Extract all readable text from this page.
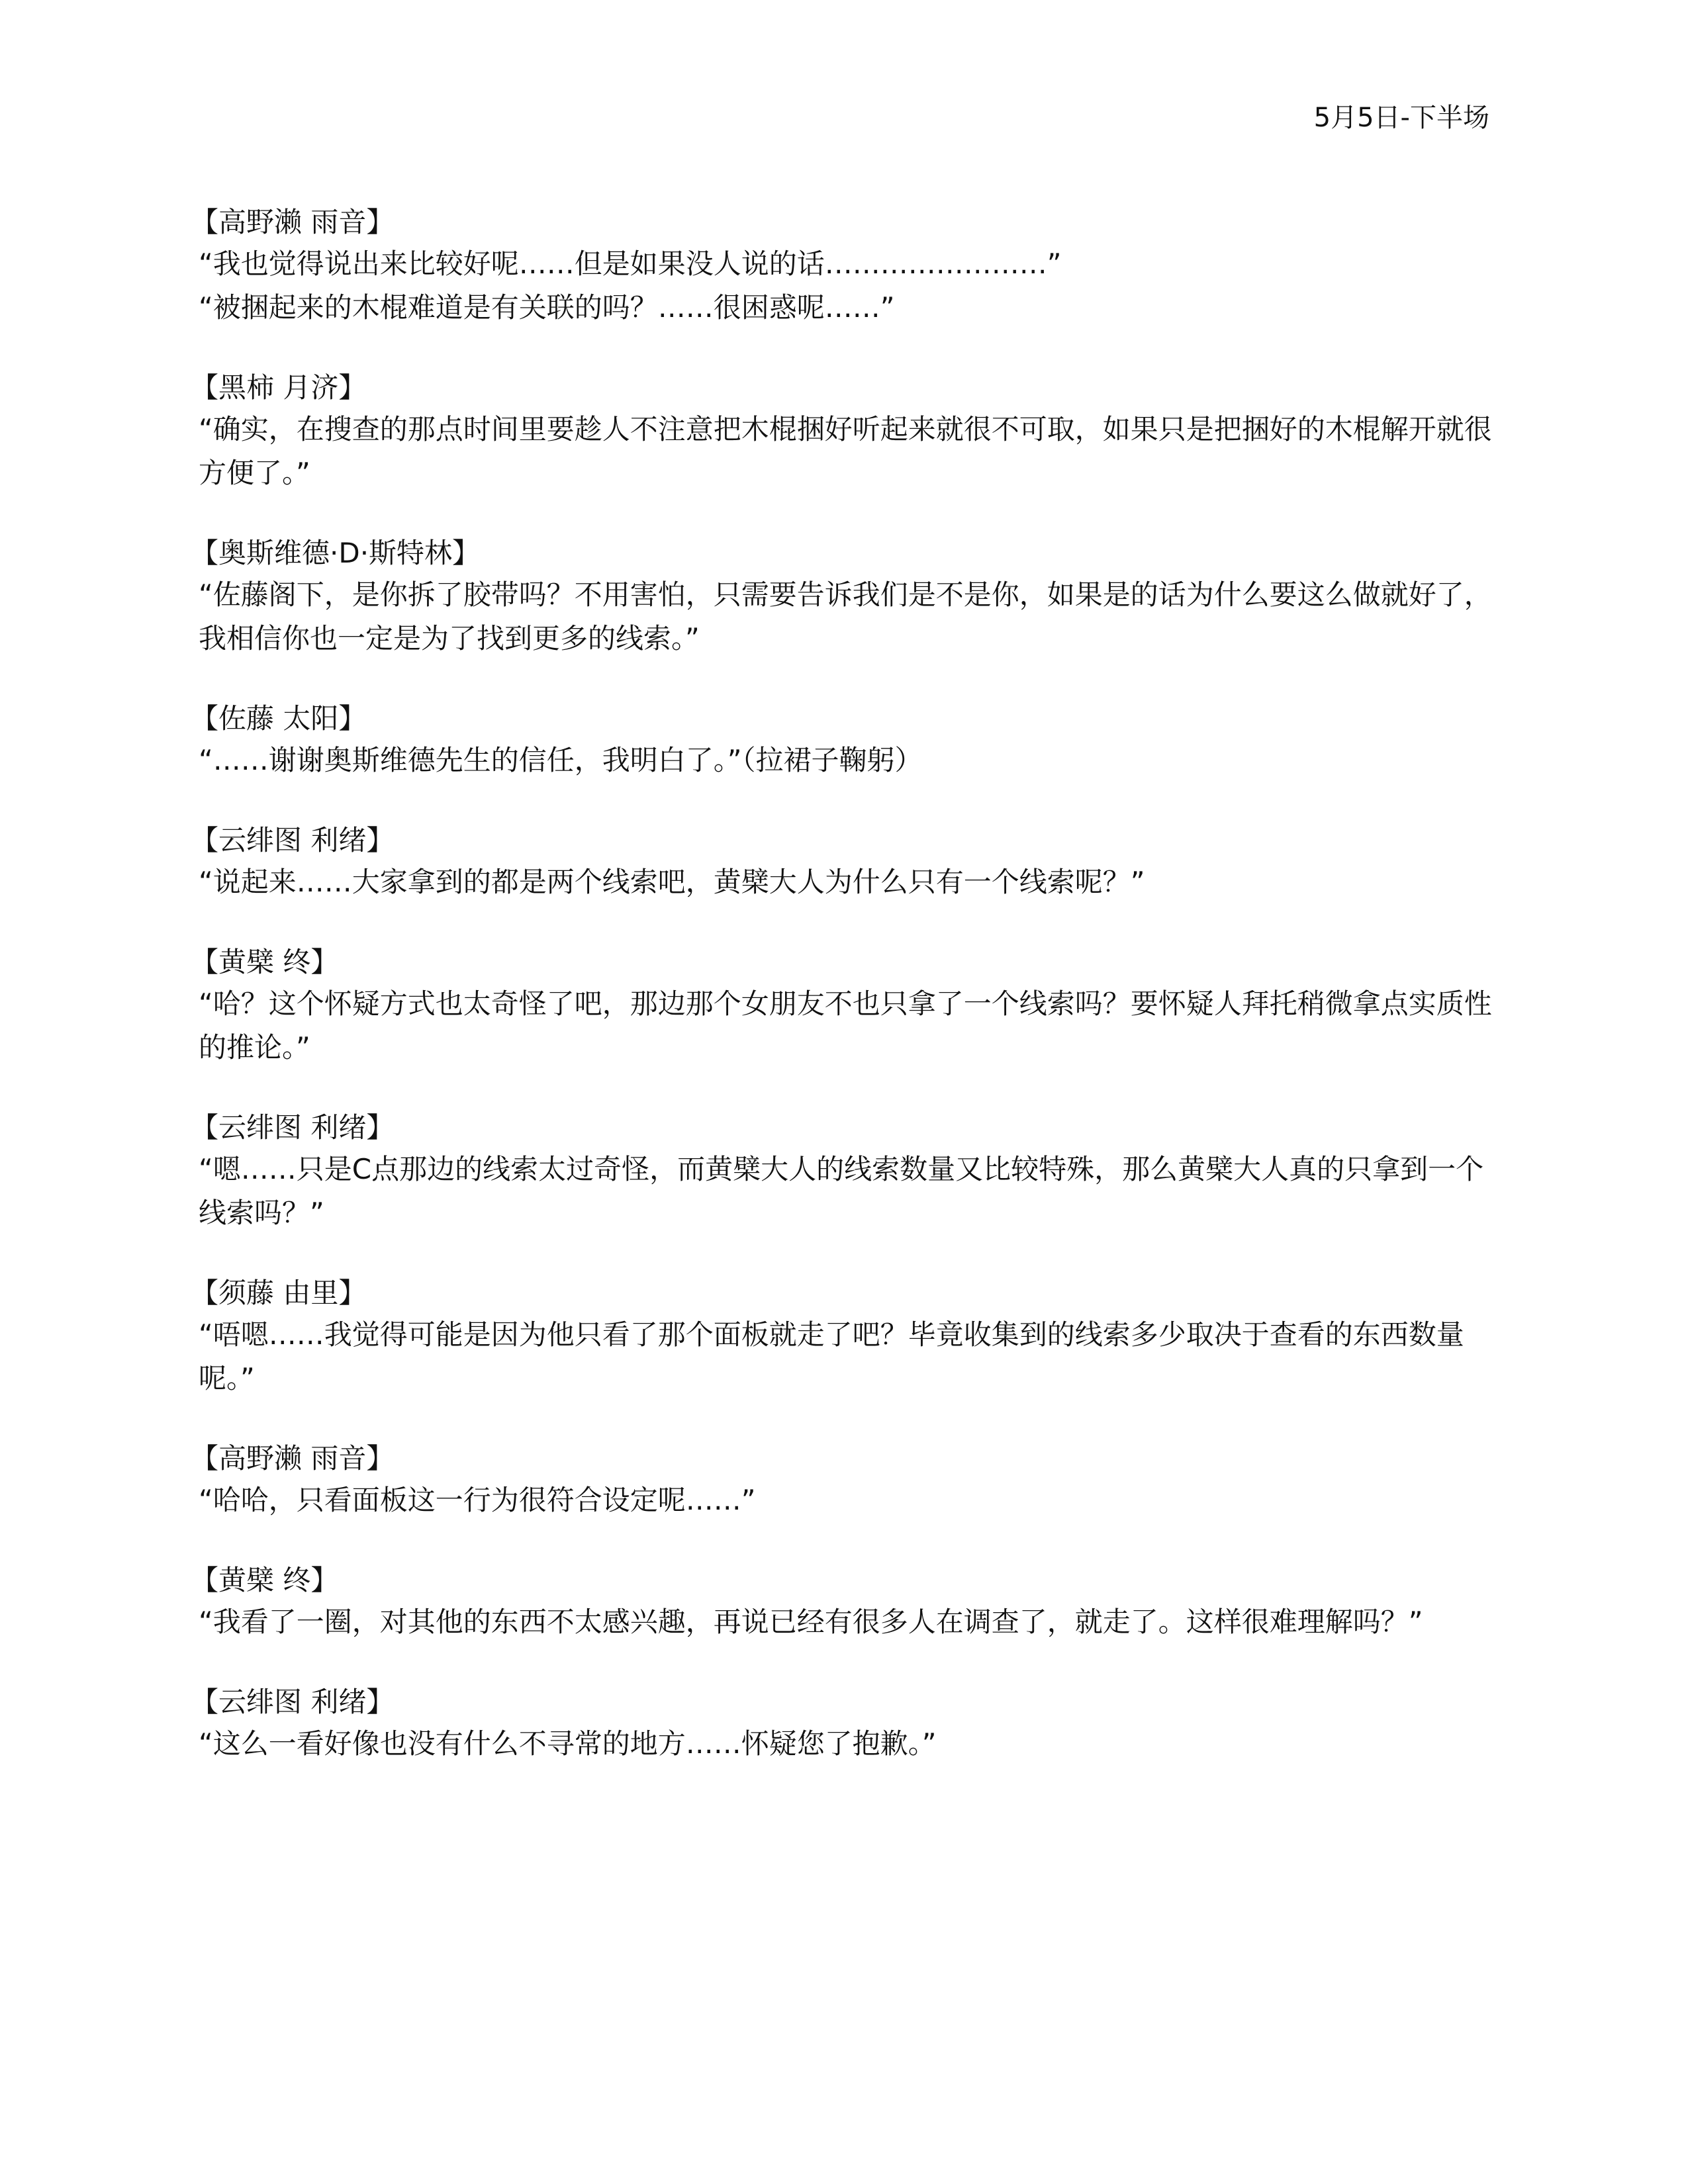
5月5日-下半场
【高野濑 雨音】
“我也觉得说出来比较好呢……但是如果没人说的话……………………”
“被捆起来的木棍难道是有关联的吗？……很困惑呢……”
【黑柿 月济】
“确实，在搜查的那点时间里要趁人不注意把木棍捆好听起来就很不可取，如果只是把捆好的木棍解开就很方便了。”
【奥斯维德·D·斯特林】
“佐藤阁下，是你拆了胶带吗？不用害怕，只需要告诉我们是不是你，如果是的话为什么要这么做就好了，我相信你也一定是为了找到更多的线索。”
【佐藤 太阳】
“……谢谢奥斯维德先生的信任，我明白了。”（拉裙子鞠躬）
【云绯图 利绪】
“说起来……大家拿到的都是两个线索吧，黄檗大人为什么只有一个线索呢？”
【黄檗 终】
“哈？这个怀疑方式也太奇怪了吧，那边那个女朋友不也只拿了一个线索吗？要怀疑人拜托稍微拿点实质性的推论。”
【云绯图 利绪】
“嗯……只是C点那边的线索太过奇怪，而黄檗大人的线索数量又比较特殊，那么黄檗大人真的只拿到一个线索吗？”
【须藤 由里】
“唔嗯……我觉得可能是因为他只看了那个面板就走了吧？毕竟收集到的线索多少取决于查看的东西数量呢。”
【高野濑 雨音】
“哈哈，只看面板这一行为很符合设定呢……”
【黄檗 终】
“我看了一圈，对其他的东西不太感兴趣，再说已经有很多人在调查了，就走了。这样很难理解吗？”
【云绯图 利绪】
“这么一看好像也没有什么不寻常的地方……怀疑您了抱歉。”
